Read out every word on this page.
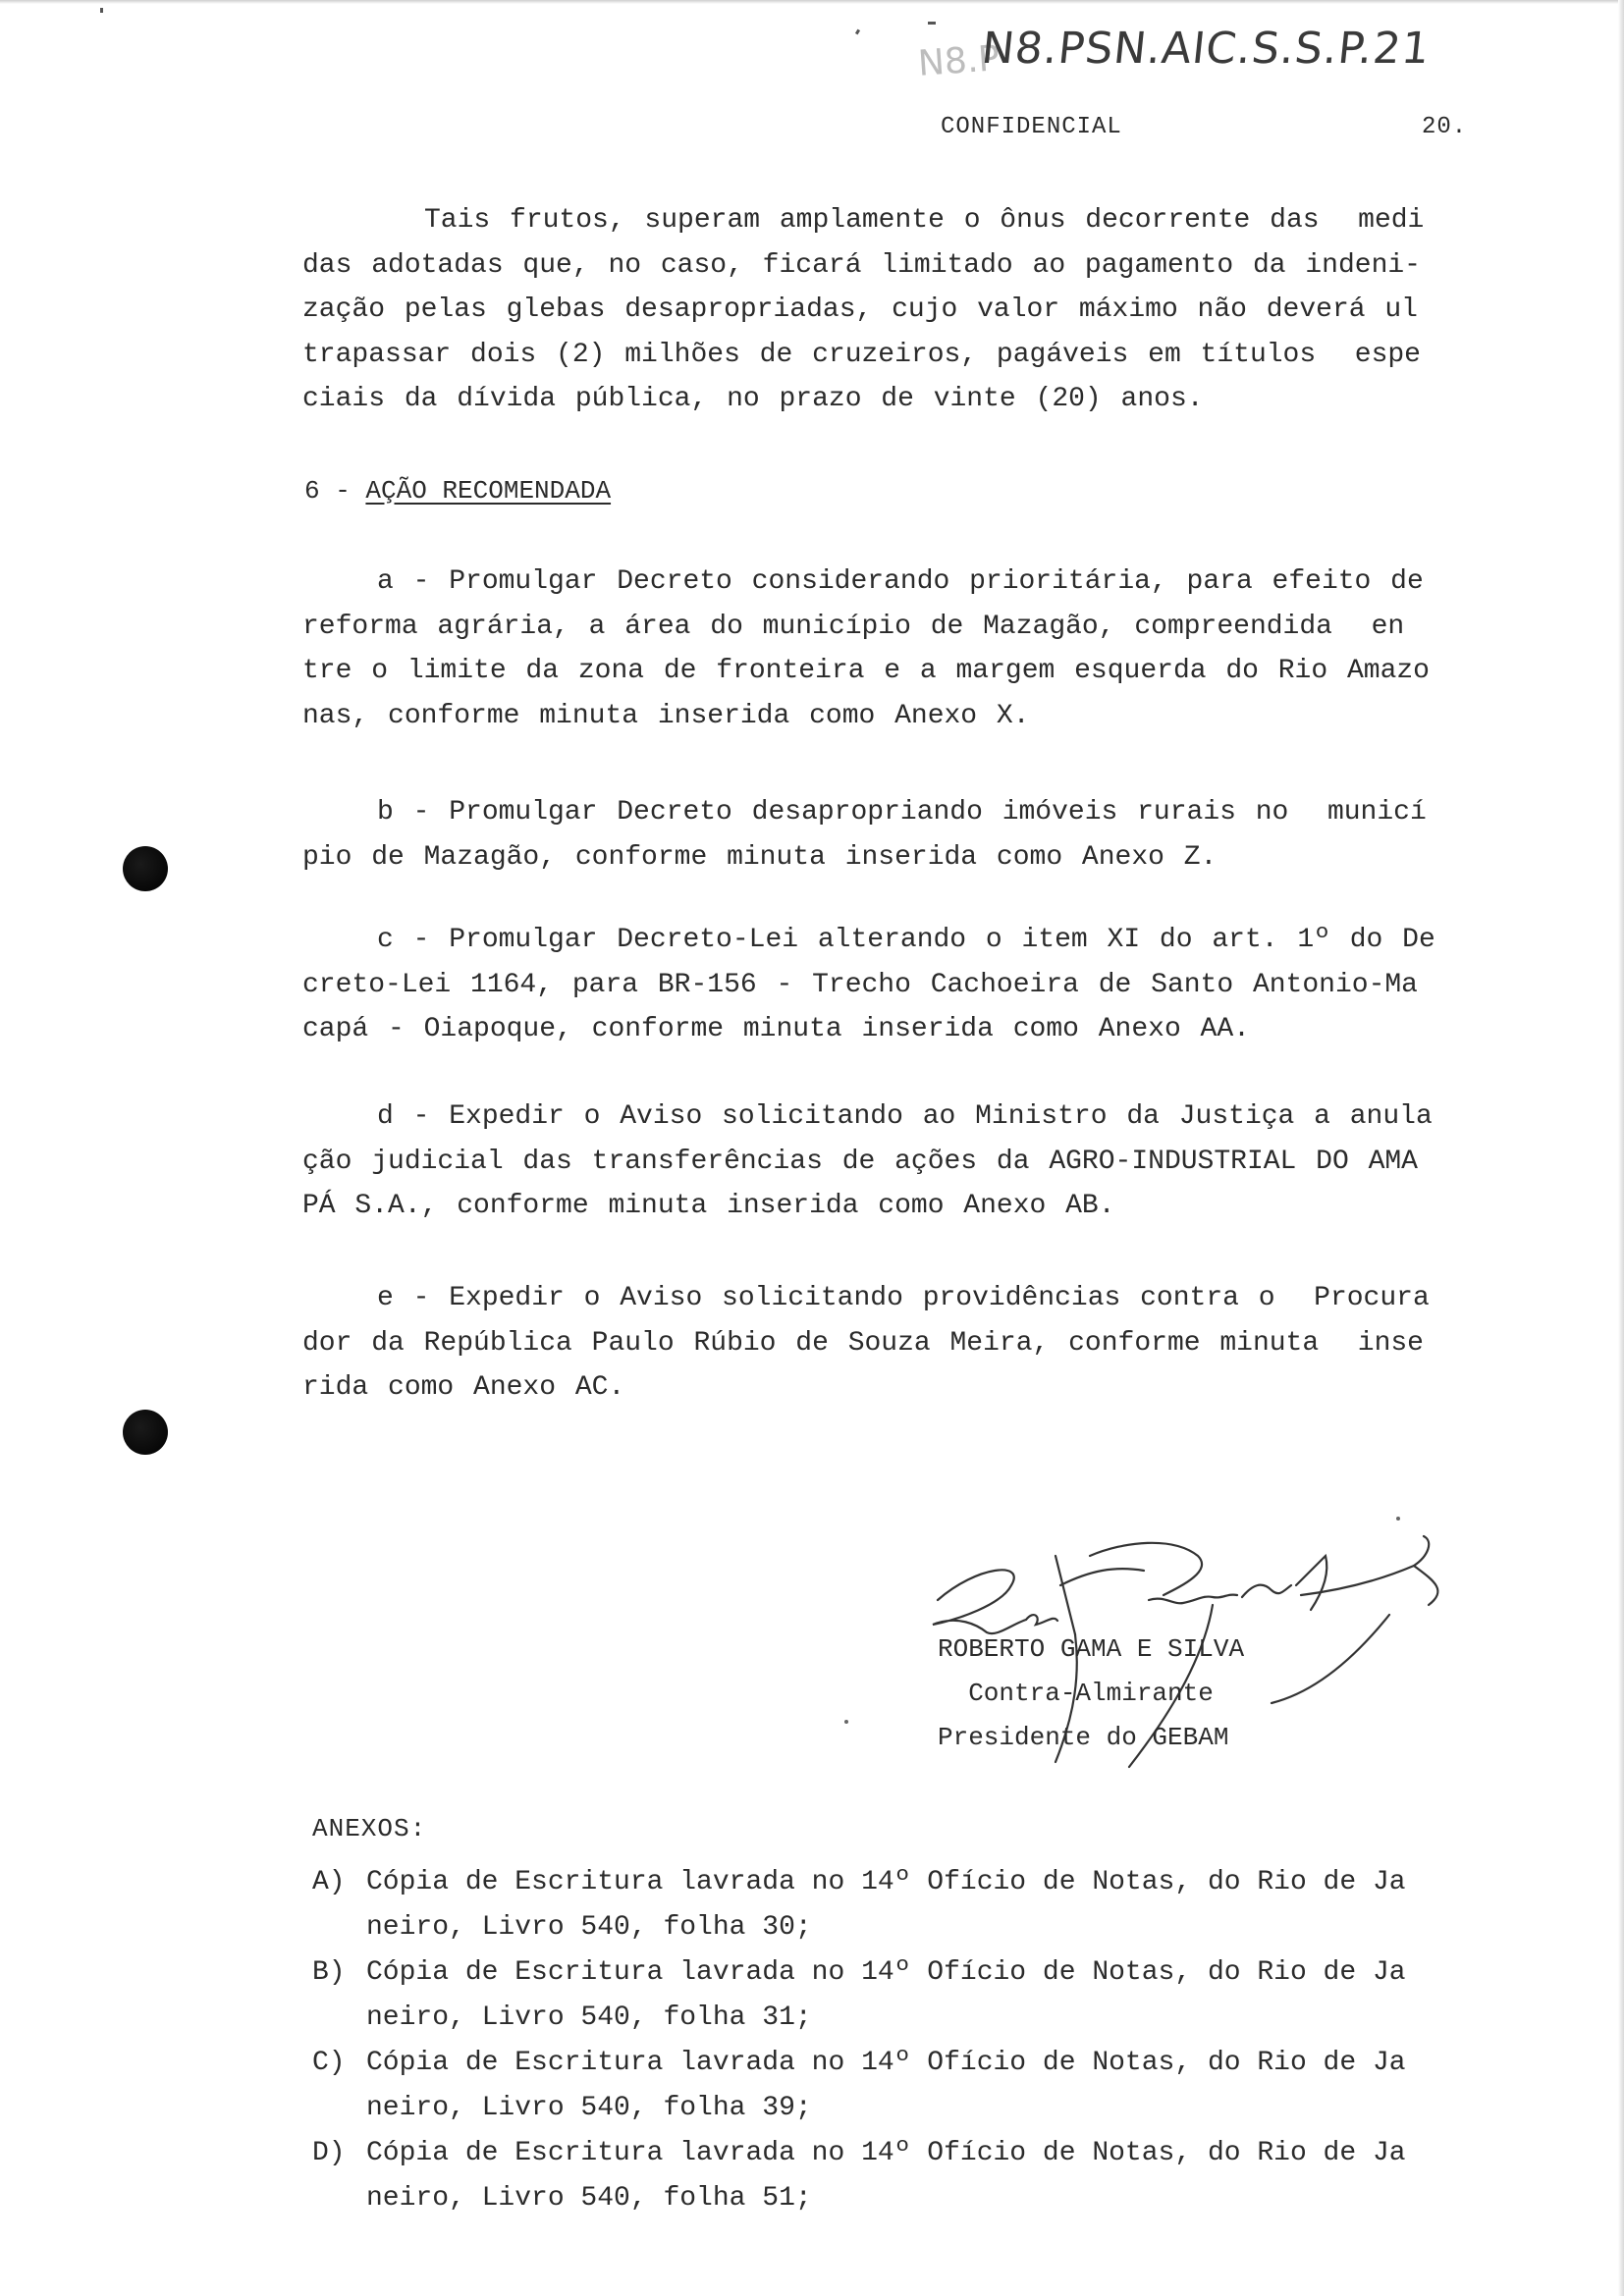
N8.P
N8.PSN.AIC.S.S.P.21
CONFIDENCIAL	20.
Tais frutos, superam amplamente o ônus decorrente das  medi
das adotadas que, no caso, ficará limitado ao pagamento da indeni-
zação pelas glebas desapropriadas, cujo valor máximo não deverá ul
trapassar dois (2) milhões de cruzeiros, pagáveis em títulos  espe
ciais da dívida pública, no prazo de vinte (20) anos.
6 - AÇÃO RECOMENDADA
a - Promulgar Decreto considerando prioritária, para efeito de
reforma agrária, a área do município de Mazagão, compreendida  en
tre o limite da zona de fronteira e a margem esquerda do Rio Amazo
nas, conforme minuta inserida como Anexo X.
b - Promulgar Decreto desapropriando imóveis rurais no  municí
pio de Mazagão, conforme minuta inserida como Anexo Z.
c - Promulgar Decreto-Lei alterando o item XI do art. 1º do De
creto-Lei 1164, para BR-156 - Trecho Cachoeira de Santo Antonio-Ma
capá - Oiapoque, conforme minuta inserida como Anexo AA.
d - Expedir o Aviso solicitando ao Ministro da Justiça a anula
ção judicial das transferências de ações da AGRO-INDUSTRIAL DO AMA
PÁ S.A., conforme minuta inserida como Anexo AB.
e - Expedir o Aviso solicitando providências contra o  Procura
dor da República Paulo Rúbio de Souza Meira, conforme minuta  inse
rida como Anexo AC.
ROBERTO GAMA E SILVA
Contra-Almirante
Presidente do GEBAM
ANEXOS:
A) Cópia de Escritura lavrada no 14º Ofício de Notas, do Rio de Ja
neiro, Livro 540, folha 30;
B) Cópia de Escritura lavrada no 14º Ofício de Notas, do Rio de Ja
neiro, Livro 540, folha 31;
C) Cópia de Escritura lavrada no 14º Ofício de Notas, do Rio de Ja
neiro, Livro 540, folha 39;
D) Cópia de Escritura lavrada no 14º Ofício de Notas, do Rio de Ja
neiro, Livro 540, folha 51;
